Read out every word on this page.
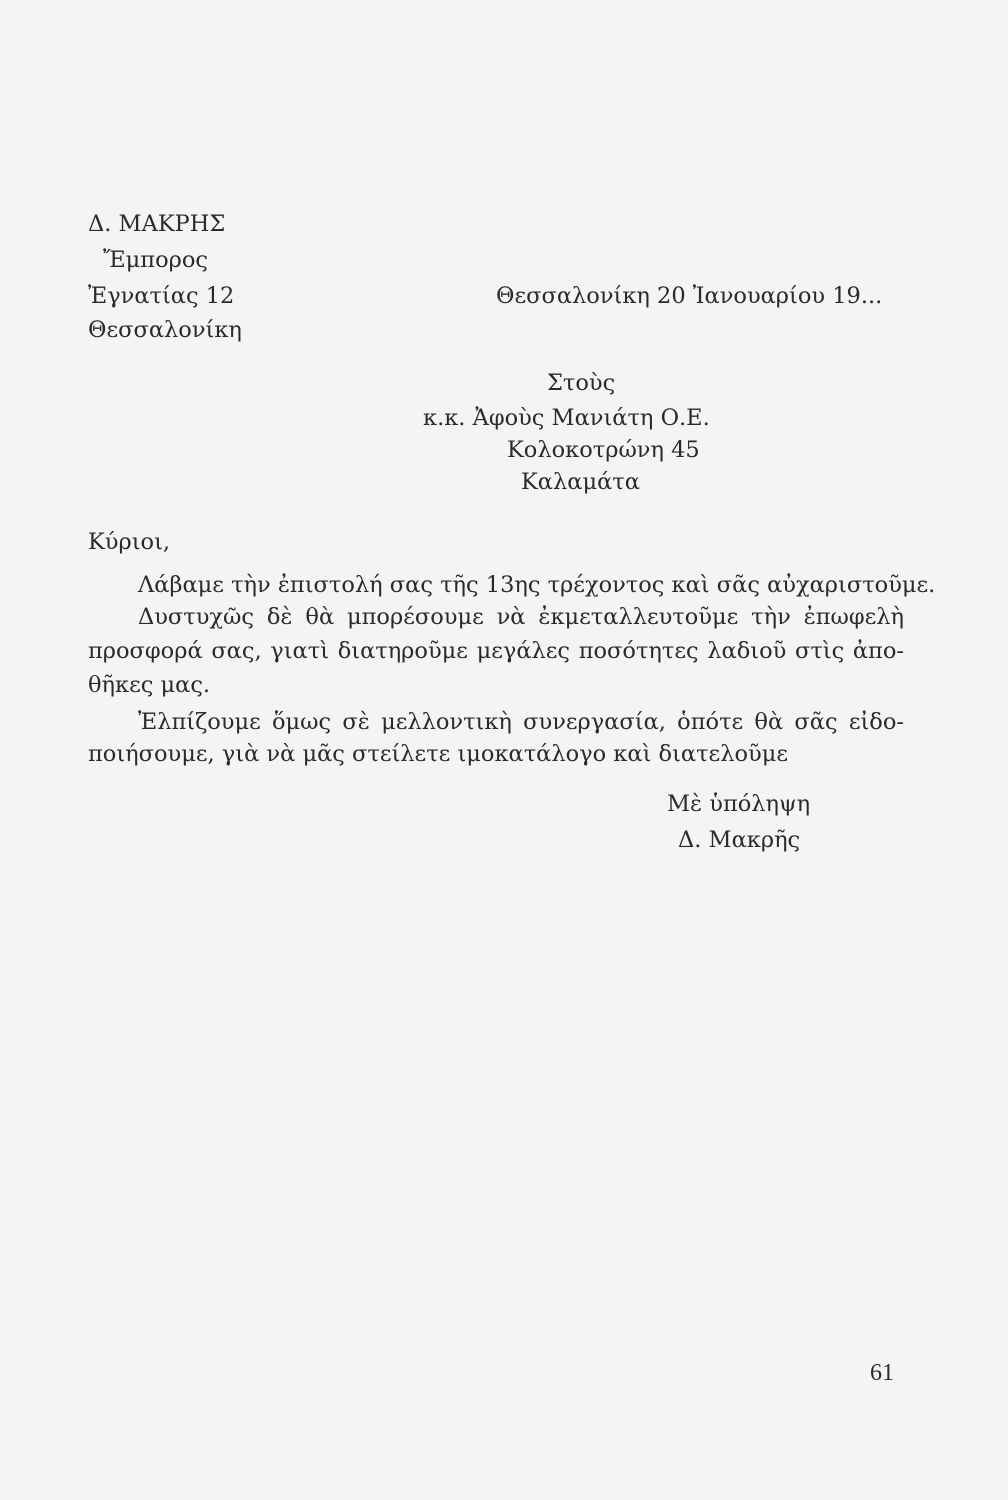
Δ. ΜΑΚΡΗΣ
Ἔμπορος
Ἐγνατίας 12
Θεσσαλονίκη
Θεσσαλονίκη 20 Ἰανουαρίου 19...
Στοὺς
κ.κ. Ἀφοὺς Μανιάτη Ο.Ε.
Κολοκοτρώνη 45
Καλαμάτα
Κύριοι,
Λάβαμε τὴν ἐπιστολή σας τῆς 13ης τρέχοντος καὶ σᾶς αὐχαριστοῦμε.
Δυστυχῶς δὲ θὰ μπορέσουμε νὰ ἐκμεταλλευτοῦμε τὴν ἐπωφελὴ
προσφορά σας, γιατὶ διατηροῦμε μεγάλες ποσότητες λαδιοῦ στὶς ἀπο-
θῆκες μας.
Ἐλπίζουμε ὅμως σὲ μελλοντικὴ συνεργασία, ὁπότε θὰ σᾶς εἰδο-
ποιήσουμε, γιὰ νὰ μᾶς στείλετε ιμοκατάλογο καὶ διατελοῦμε
Μὲ ὑπόληψη
Δ. Μακρῆς
61
